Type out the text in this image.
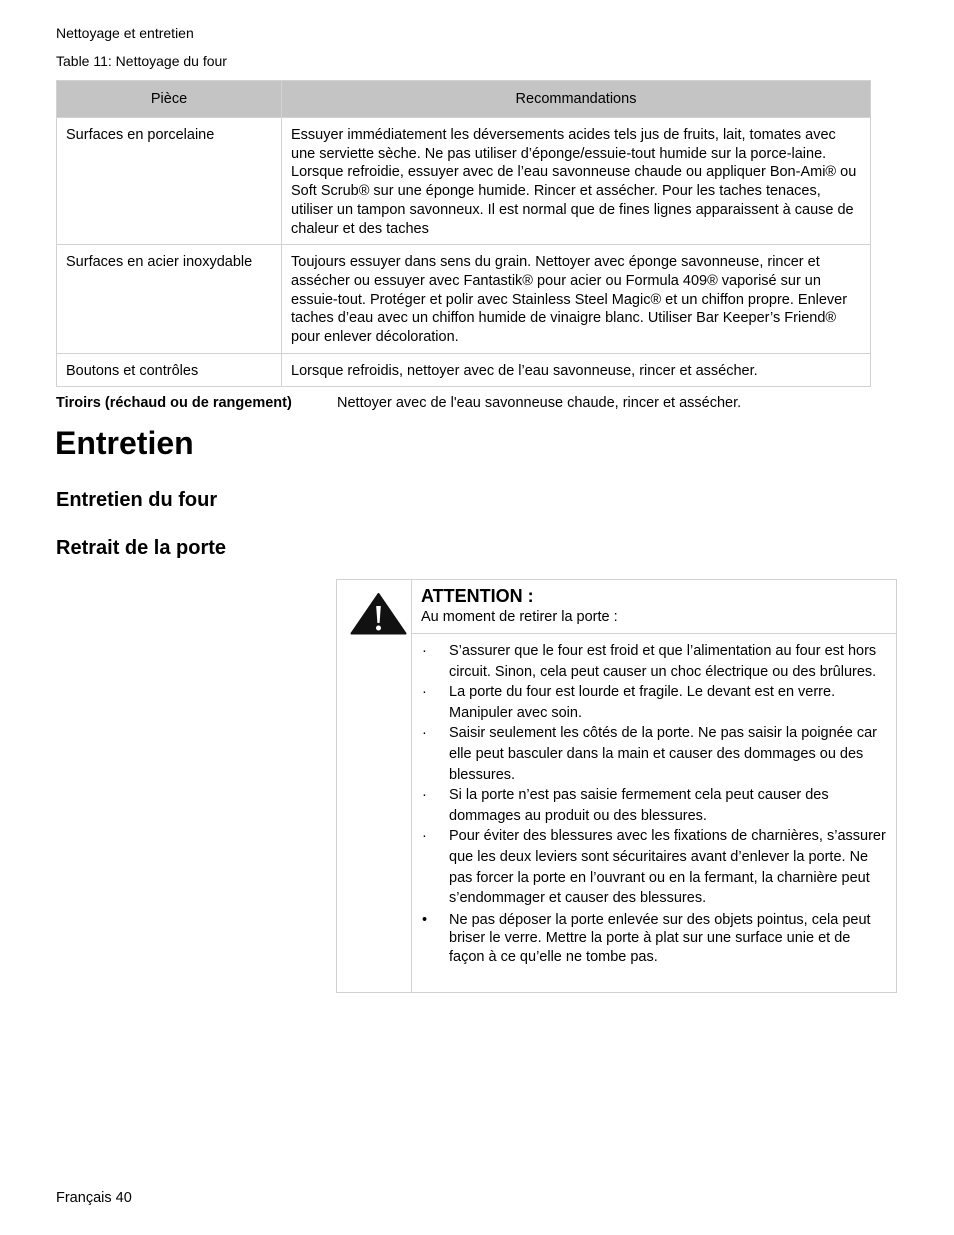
Nettoyage et entretien
Table 11: Nettoyage du four
Pièce	Recommandations
Surfaces en porcelaine	Essuyer immédiatement les déversements acides tels jus de fruits, lait, tomates avec une serviette sèche. Ne pas utiliser d’éponge/essuie-tout humide sur la porce-laine. Lorsque refroidie, essuyer avec de l’eau savonneuse chaude ou appliquer Bon-Ami® ou Soft Scrub® sur une éponge humide. Rincer et assécher. Pour les taches tenaces, utiliser un tampon savonneux. Il est normal que de fines lignes apparaissent à cause de chaleur et des taches
Surfaces en acier inoxydable	Toujours essuyer dans sens du grain. Nettoyer avec éponge savonneuse, rincer et assécher ou essuyer avec Fantastik® pour acier ou Formula 409® vaporisé sur un essuie-tout. Protéger et polir avec Stainless Steel Magic® et un chiffon propre. Enlever taches d’eau avec un chiffon humide de vinaigre blanc. Utiliser Bar Keeper’s Friend® pour enlever décoloration.
Boutons et contrôles	Lorsque refroidis, nettoyer avec de l’eau savonneuse, rincer et assécher.
Tiroirs (réchaud ou de rangement)	Nettoyer avec de l'eau savonneuse chaude, rincer et assécher.
Entretien
Entretien du four
Retrait de la porte
ATTENTION :
Au moment de retirer la porte :
· S’assurer que le four est froid et que l’alimentation au four est hors circuit. Sinon, cela peut causer un choc électrique ou des brûlures.
· La porte du four est lourde et fragile. Le devant est en verre. Manipuler avec soin.
· Saisir seulement les côtés de la porte. Ne pas saisir la poignée car elle peut basculer dans la main et causer des dommages ou des blessures.
· Si la porte n’est pas saisie fermement cela peut causer des dommages au produit ou des blessures.
· Pour éviter des blessures avec les fixations de charnières, s’assurer que les deux leviers sont sécuritaires avant d’enlever la porte. Ne pas forcer la porte en l’ouvrant ou en la fermant, la charnière peut s’endommager et causer des blessures.
• Ne pas déposer la porte enlevée sur des objets pointus, cela peut briser le verre. Mettre la porte à plat sur une surface unie et de façon à ce qu’elle ne tombe pas.
Français 40
